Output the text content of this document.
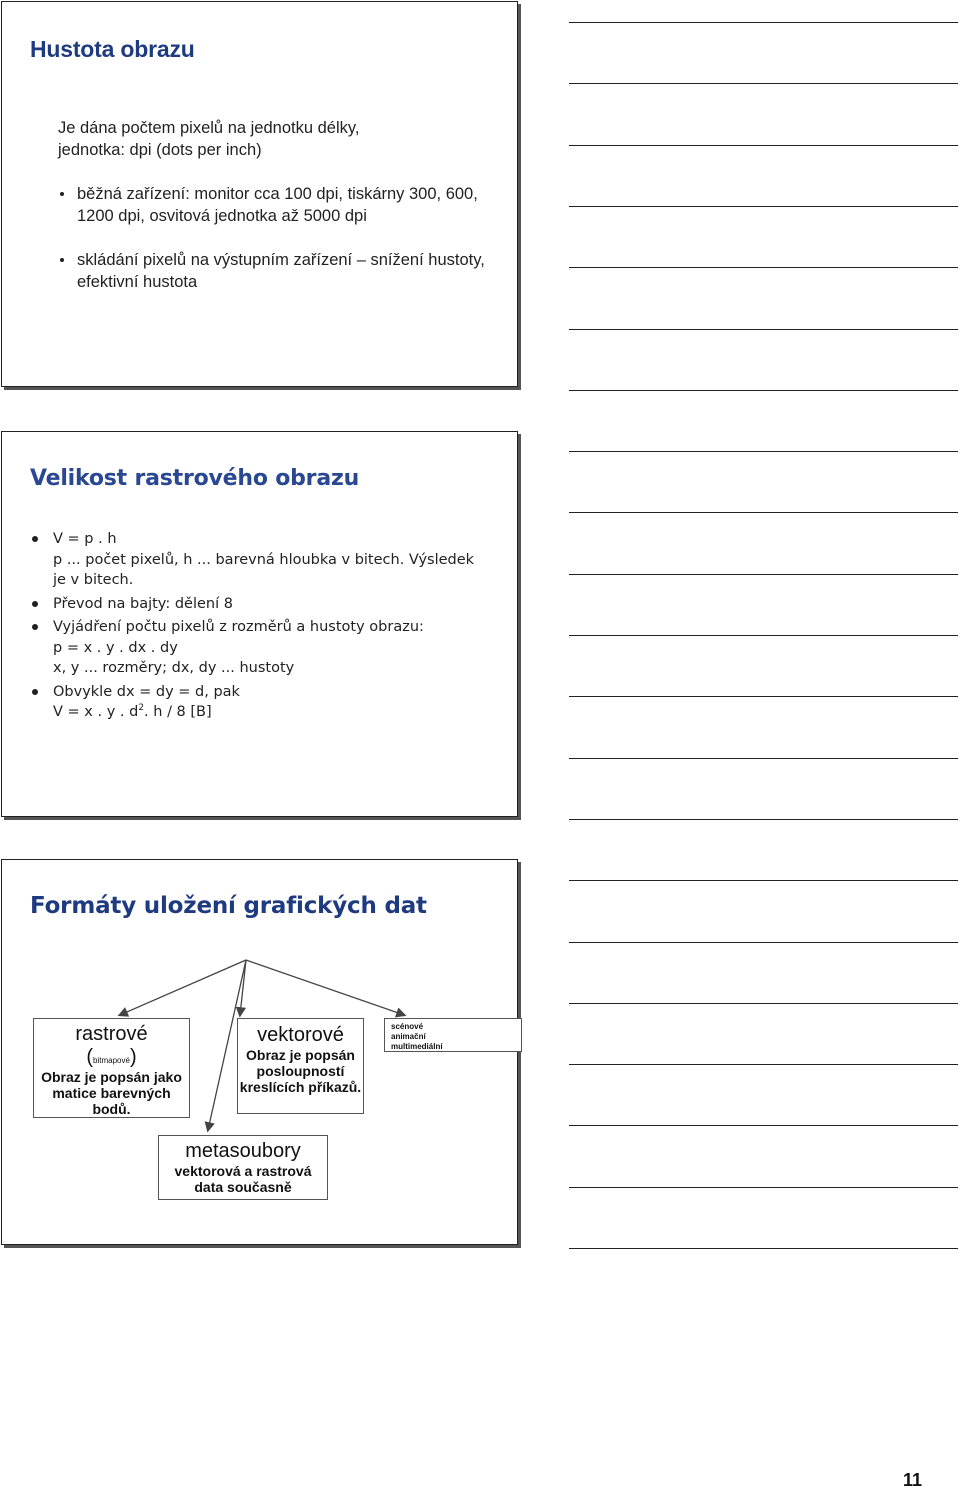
Hustota obrazu

Je dána počtem pixelů na jednotku délky,

jednotka: dpi (dots per inch)

běžná zařízení: monitor cca 100 dpi, tiskárny 300, 600,
1200 dpi, osvitová jednotka až 5000 dpi
skládání pixelů na výstupním zařízení – snížení hustoty,
efektivní hustota
Velikost rastrového obrazu
V = p . h
p ... počet pixelů, h ... barevná hloubka v bitech. Výsledek
je v bitech.
Převod na bajty: dělení 8
Vyjádření počtu pixelů z rozměrů a hustoty obrazu:
p = x . y . dx . dy
x, y ... rozměry; dx, dy ... hustoty
Obvykle dx = dy = d, pak
V = x . y . $d^2$. h / 8 [B]
Formáty uložení grafických dat
rastrové
(bitmapové)
Obraz je popsán jako matice barevných bodů.
vektorové
Obraz je popsán posloupností kreslících příkazů.
scénové
animační
multimediální
metasoubory
vektorová a rastrová data současně
11
